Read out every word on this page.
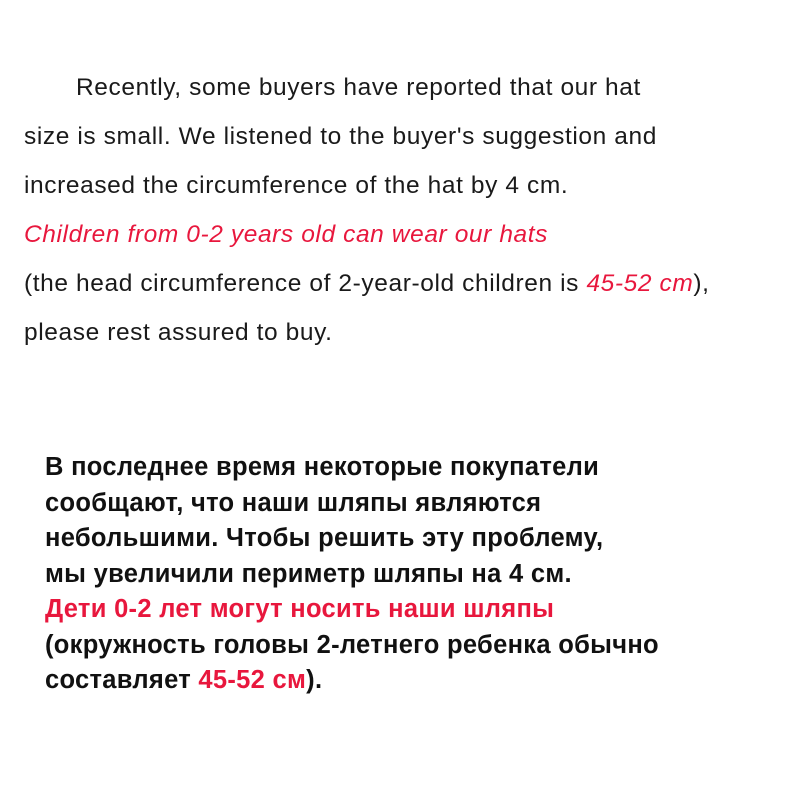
Recently, some buyers have reported that our hat
size is small. We listened to the buyer's suggestion and
increased the circumference of the hat by 4 cm.
Children from 0-2 years old can wear our hats
(the head circumference of 2-year-old children is 45-52 cm),
please rest assured to buy.
В последнее время некоторые покупатели
сообщают, что наши шляпы являются
небольшими. Чтобы решить эту проблему,
мы увеличили периметр шляпы на 4 см.
Дети 0-2 лет могут носить наши шляпы
(окружность головы 2-летнего ребенка обычно
составляет 45-52 см).
